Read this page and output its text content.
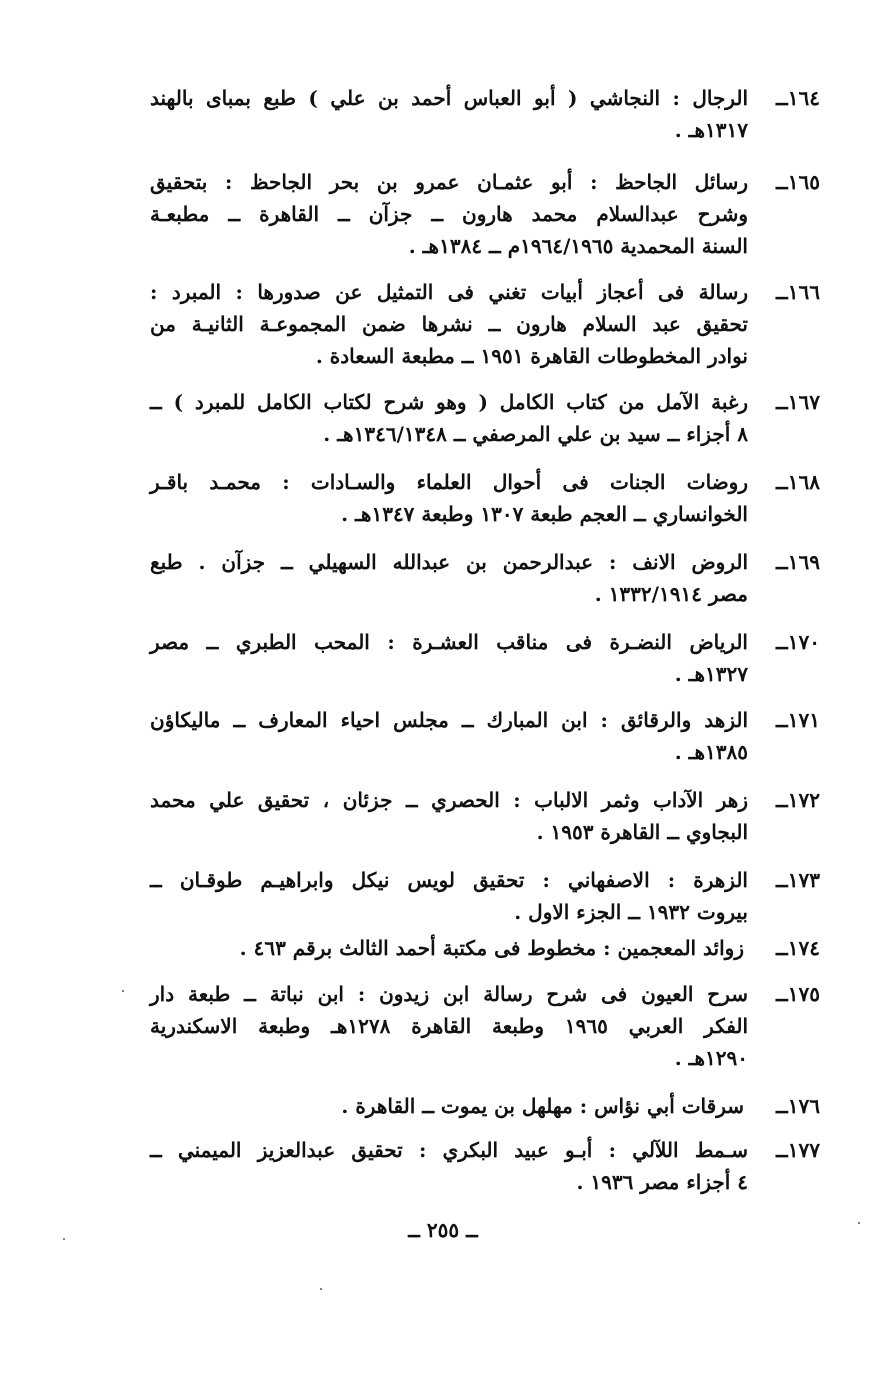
١٦٤ــ
الرجال : النجاشي ( أبو العباس أحمد بن علي ) طبع بمباى بالهند
١٣١٧هـ .
١٦٥ــ
رسائل الجاحظ : أبو عثمـان عمرو بن بحر الجاحظ : بتحقيق
وشرح عبدالسلام محمد هارون ــ جزآن ــ القاهرة ــ مطبعـة
السنة المحمدية ١٩٦٤/١٩٦٥م ــ ١٣٨٤هـ .
١٦٦ــ
رسالة فى أعجاز أبيات تغني فى التمثيل عن صدورها : المبرد :
تحقيق عبد السلام هارون ــ نشرها ضمن المجموعـة الثانيـة من
نوادر المخطوطات القاهرة ١٩٥١ ــ مطبعة السعادة .
١٦٧ــ
رغبة الآمل من كتاب الكامل ( وهو شرح لكتاب الكامل للمبرد ) ــ
٨ أجزاء ــ سيد بن علي المرصفي ــ ١٣٤٦/١٣٤٨هـ .
١٦٨ــ
روضات الجنات فى أحوال العلماء والسـادات : محمـد باقـر
الخوانساري ــ العجم طبعة ١٣٠٧ وطبعة ١٣٤٧هـ .
١٦٩ــ
الروض الانف : عبدالرحمن بن عبدالله السهيلي ــ جزآن . طبع
مصر ١٣٣٢/١٩١٤ .
١٧٠ــ
الرياض النضـرة فى مناقب العشـرة : المحب الطبري ــ مصر
١٣٢٧هـ .
١٧١ــ
الزهد والرقائق : ابن المبارك ــ مجلس احياء المعارف ــ ماليكاؤن
١٣٨٥هـ .
١٧٢ــ
زهر الآداب وثمر الالباب : الحصري ــ جزئان ، تحقيق علي محمد
البجاوي ــ القاهرة ١٩٥٣ .
١٧٣ــ
الزهرة : الاصفهاني : تحقيق لويس نيكل وابراهيـم طوقـان ــ
بيروت ١٩٣٢ ــ الجزء الاول .
١٧٤ــ
زوائد المعجمين : مخطوط فى مكتبة أحمد الثالث برقم ٤٦٣ .
١٧٥ــ
سرح العيون فى شرح رسالة ابن زيدون : ابن نباتة ــ طبعة دار
الفكر العربي ١٩٦٥ وطبعة القاهرة ١٢٧٨هـ وطبعة الاسكندرية
١٢٩٠هـ .
١٧٦ــ
سرقات أبي نؤاس : مهلهل بن يموت ــ القاهرة .
١٧٧ــ
سـمط اللآلي : أبـو عبيد البكري : تحقيق عبدالعزيز الميمني ــ
٤ أجزاء مصر ١٩٣٦ .
ــ ٢٥٥ ــ
